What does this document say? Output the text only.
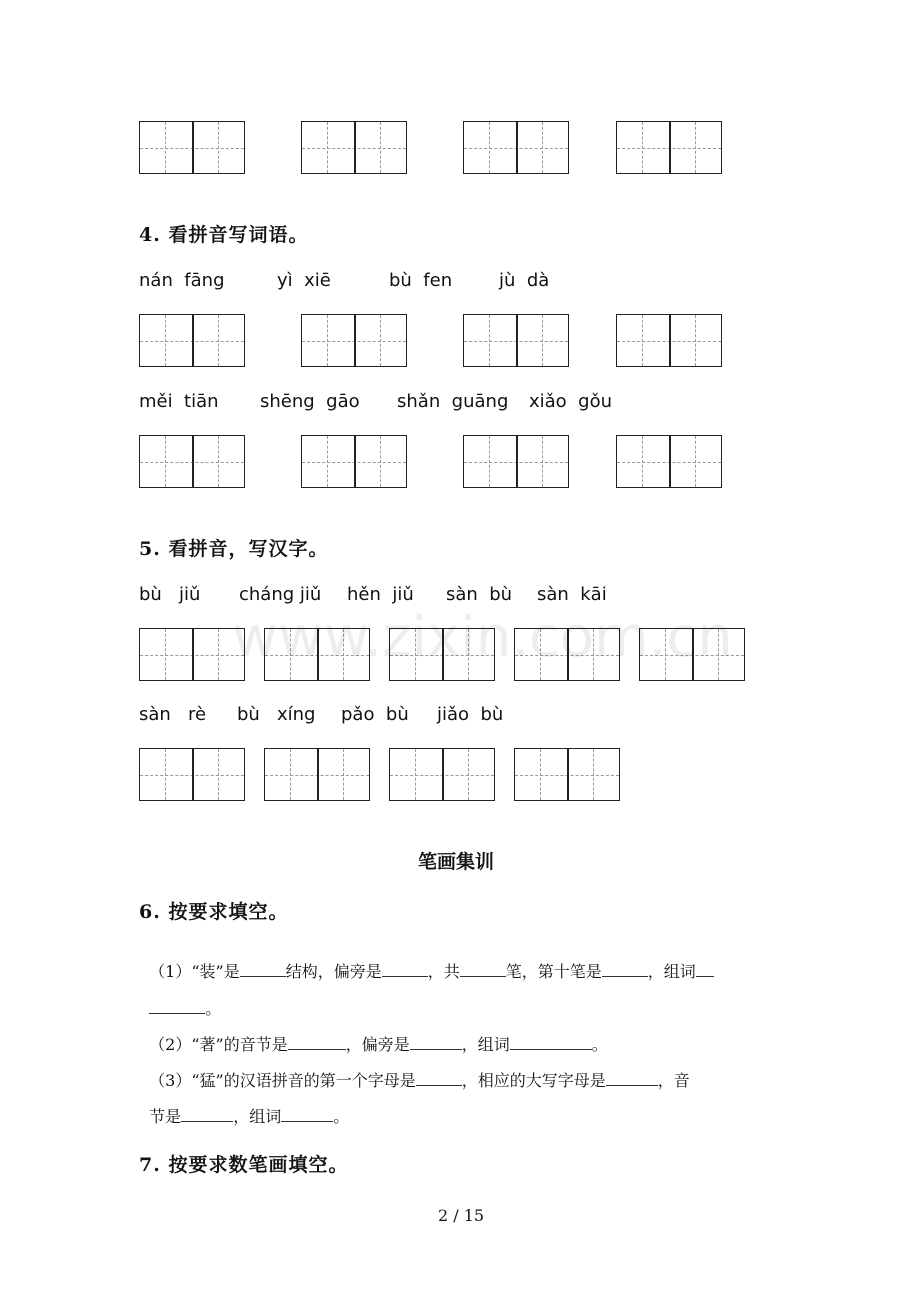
4. 看拼音写词语。
nán  fāng	yì  xiē	bù  fen	jù  dà
měi  tiān shēng  gāo shǎn  guāng xiǎo  gǒu
5. 看拼音，写汉字。
bù   jiǔ cháng jiǔ hěn  jiǔ sàn  bù sàn  kāi
sàn   rè bù   xíng pǎo  bù jiǎo  bù
www.zixin.com.cn
笔画集训
6. 按要求填空。

（1）“装”是	结构，偏旁是	，共	笔，第十笔是	，组词

。

（2）“著”的音节是	，偏旁是	，组词	。

（3）“猛”的汉语拼音的第一个字母是	，相应的大写字母是	，音

节是	，组词	。

7. 按要求数笔画填空。
2 / 15
